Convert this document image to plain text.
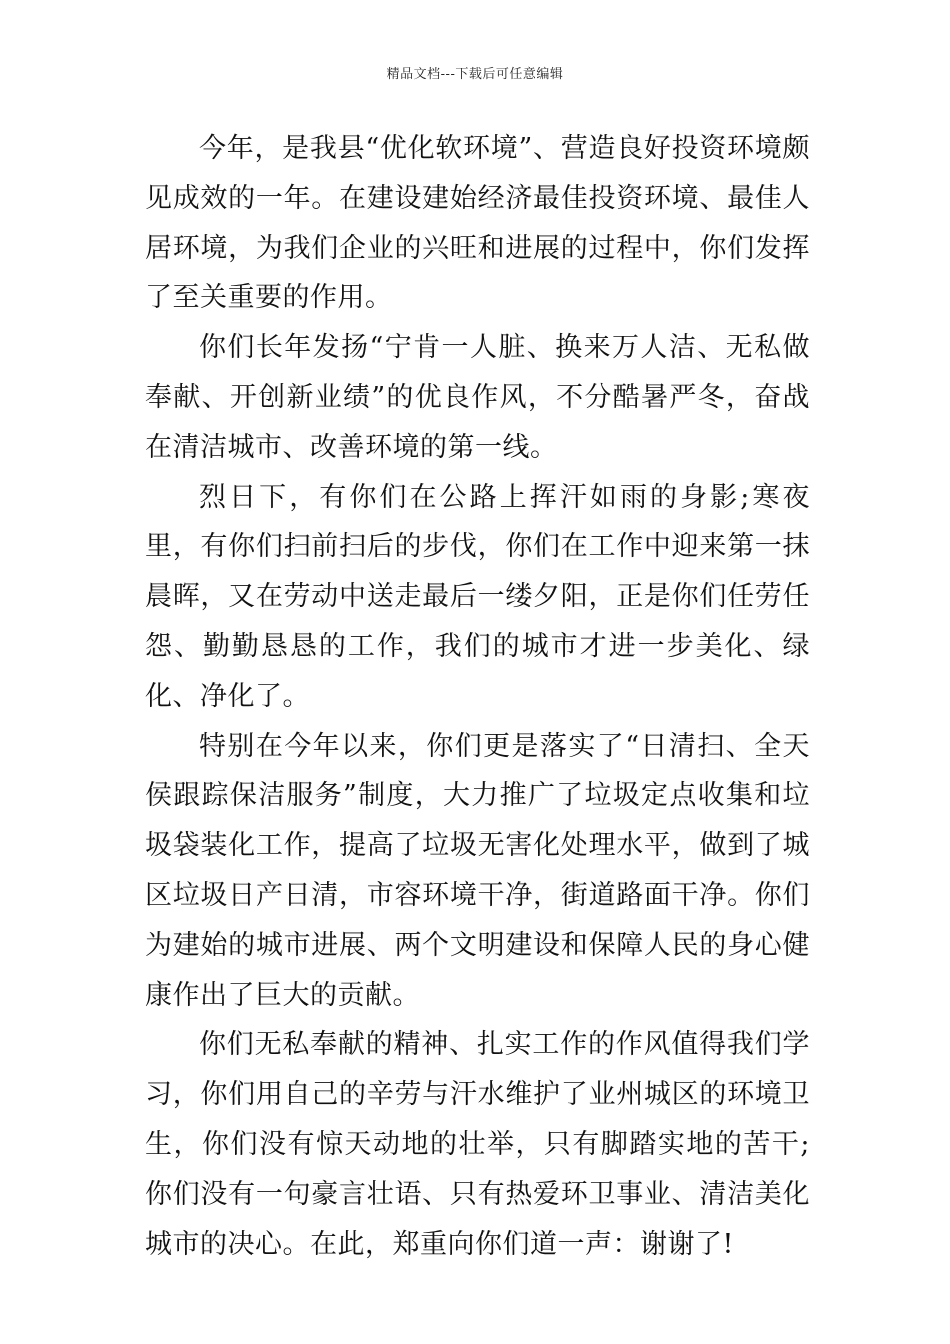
精品文档---下载后可任意编辑

今年，是我县“优化软环境”、营造良好投资环境颇见成效的一年。在建设建始经济最佳投资环境、最佳人居环境，为我们企业的兴旺和进展的过程中，你们发挥了至关重要的作用。

你们长年发扬“宁肯一人脏、换来万人洁、无私做奉献、开创新业绩”的优良作风，不分酷暑严冬，奋战在清洁城市、改善环境的第一线。

烈日下，有你们在公路上挥汗如雨的身影;寒夜里，有你们扫前扫后的步伐，你们在工作中迎来第一抹晨晖，又在劳动中送走最后一缕夕阳，正是你们任劳任怨、勤勤恳恳的工作，我们的城市才进一步美化、绿化、净化了。

特别在今年以来，你们更是落实了“日清扫、全天侯跟踪保洁服务”制度，大力推广了垃圾定点收集和垃圾袋装化工作，提高了垃圾无害化处理水平，做到了城区垃圾日产日清，市容环境干净，街道路面干净。你们为建始的城市进展、两个文明建设和保障人民的身心健康作出了巨大的贡献。

你们无私奉献的精神、扎实工作的作风值得我们学习，你们用自己的辛劳与汗水维护了业州城区的环境卫生，你们没有惊天动地的壮举，只有脚踏实地的苦干;你们没有一句豪言壮语、只有热爱环卫事业、清洁美化城市的决心。在此，郑重向你们道一声：谢谢了!
